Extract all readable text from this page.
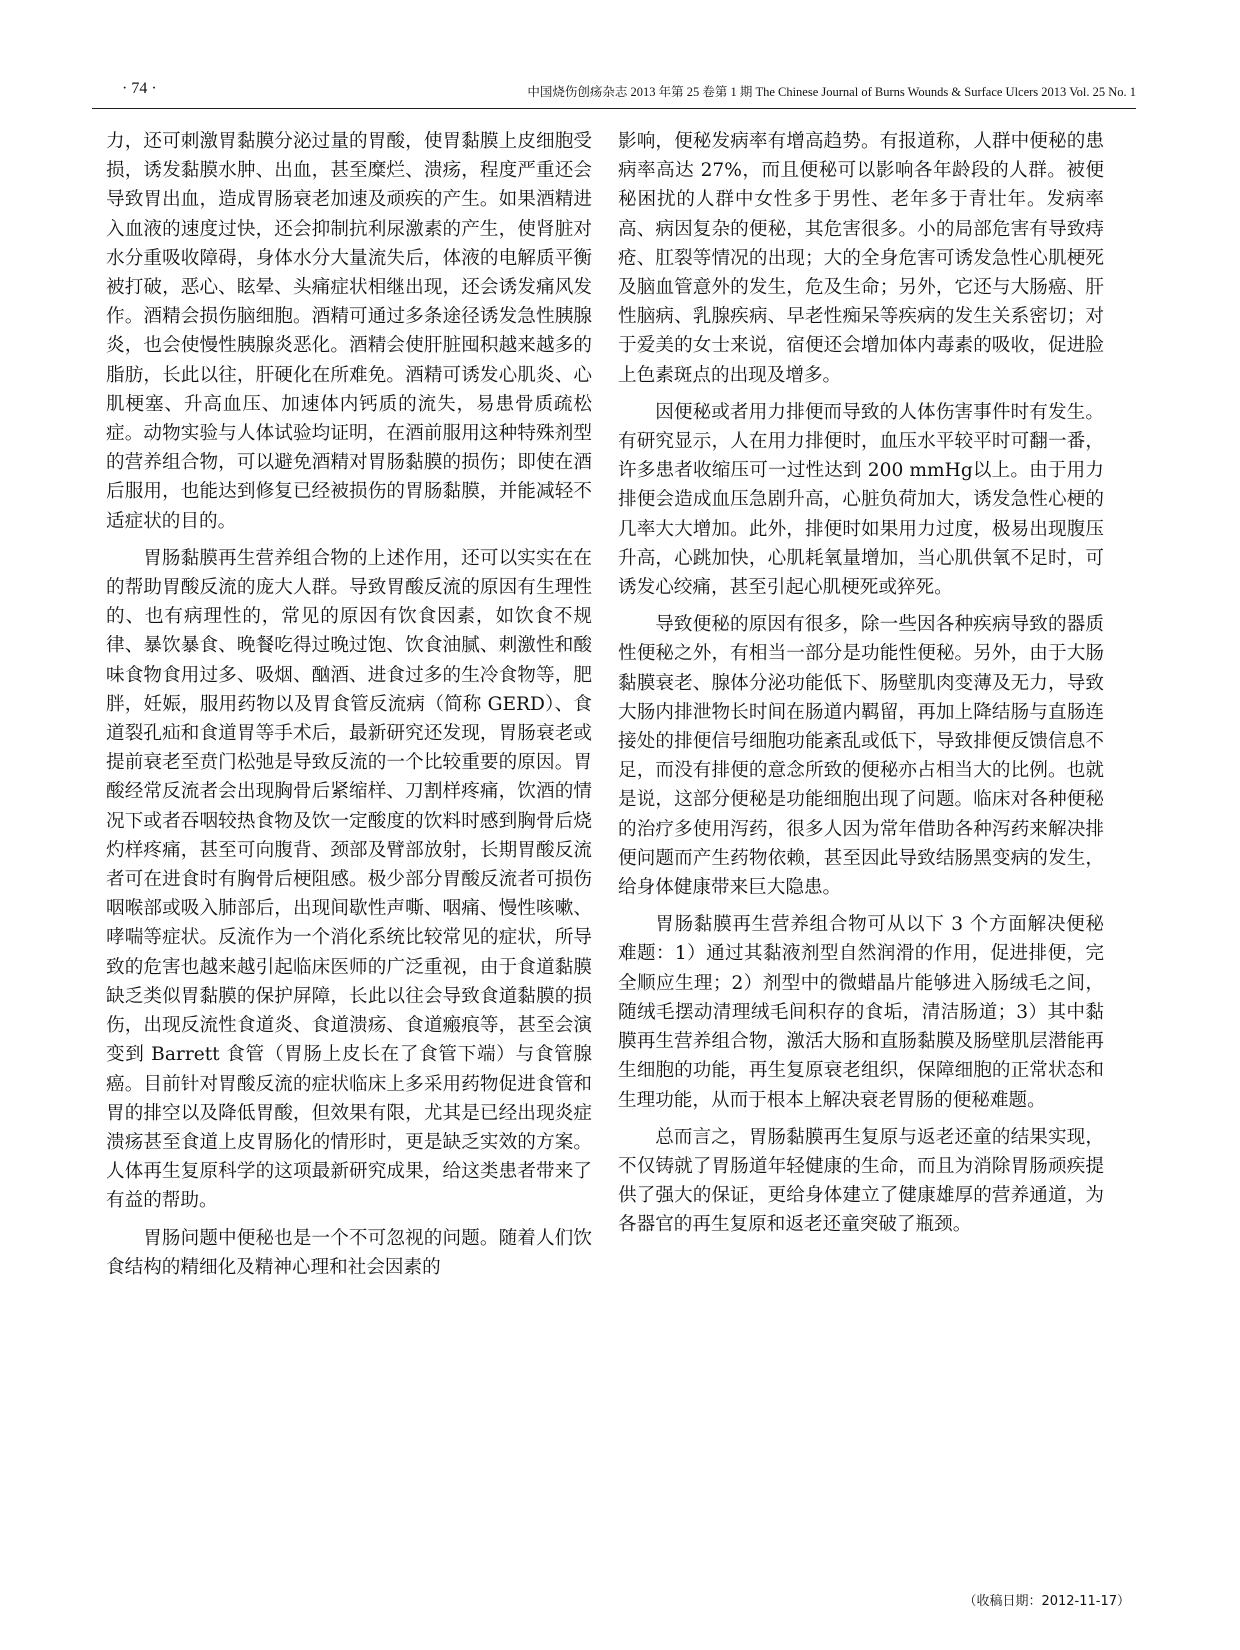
· 74 ·	中国烧伤创疡杂志 2013 年第 25 卷第 1 期 The Chinese Journal of Burns Wounds & Surface Ulcers 2013 Vol. 25 No. 1

力，还可刺激胃黏膜分泌过量的胃酸，使胃黏膜上皮细胞受损，诱发黏膜水肿、出血，甚至糜烂、溃疡，程度严重还会导致胃出血，造成胃肠衰老加速及顽疾的产生。如果酒精进入血液的速度过快，还会抑制抗利尿激素的产生，使肾脏对水分重吸收障碍，身体水分大量流失后，体液的电解质平衡被打破，恶心、眩晕、头痛症状相继出现，还会诱发痛风发作。酒精会损伤脑细胞。酒精可通过多条途径诱发急性胰腺炎，也会使慢性胰腺炎恶化。酒精会使肝脏囤积越来越多的脂肪，长此以往，肝硬化在所难免。酒精可诱发心肌炎、心肌梗塞、升高血压、加速体内钙质的流失，易患骨质疏松症。动物实验与人体试验均证明，在酒前服用这种特殊剂型的营养组合物，可以避免酒精对胃肠黏膜的损伤；即使在酒后服用，也能达到修复已经被损伤的胃肠黏膜，并能减轻不适症状的目的。

胃肠黏膜再生营养组合物的上述作用，还可以实实在在的帮助胃酸反流的庞大人群。导致胃酸反流的原因有生理性的、也有病理性的，常见的原因有饮食因素，如饮食不规律、暴饮暴食、晚餐吃得过晚过饱、饮食油腻、刺激性和酸味食物食用过多、吸烟、酗酒、进食过多的生冷食物等，肥胖，妊娠，服用药物以及胃食管反流病（简称 GERD）、食道裂孔疝和食道胃等手术后，最新研究还发现，胃肠衰老或提前衰老至贲门松弛是导致反流的一个比较重要的原因。胃酸经常反流者会出现胸骨后紧缩样、刀割样疼痛，饮酒的情况下或者吞咽较热食物及饮一定酸度的饮料时感到胸骨后烧灼样疼痛，甚至可向腹背、颈部及臂部放射，长期胃酸反流者可在进食时有胸骨后梗阻感。极少部分胃酸反流者可损伤咽喉部或吸入肺部后，出现间歇性声嘶、咽痛、慢性咳嗽、哮喘等症状。反流作为一个消化系统比较常见的症状，所导致的危害也越来越引起临床医师的广泛重视，由于食道黏膜缺乏类似胃黏膜的保护屏障，长此以往会导致食道黏膜的损伤，出现反流性食道炎、食道溃疡、食道瘢痕等，甚至会演变到 Barrett 食管（胃肠上皮长在了食管下端）与食管腺癌。目前针对胃酸反流的症状临床上多采用药物促进食管和胃的排空以及降低胃酸，但效果有限，尤其是已经出现炎症溃疡甚至食道上皮胃肠化的情形时，更是缺乏实效的方案。人体再生复原科学的这项最新研究成果，给这类患者带来了有益的帮助。

胃肠问题中便秘也是一个不可忽视的问题。随着人们饮食结构的精细化及精神心理和社会因素的

影响，便秘发病率有增高趋势。有报道称，人群中便秘的患病率高达 27%，而且便秘可以影响各年龄段的人群。被便秘困扰的人群中女性多于男性、老年多于青壮年。发病率高、病因复杂的便秘，其危害很多。小的局部危害有导致痔疮、肛裂等情况的出现；大的全身危害可诱发急性心肌梗死及脑血管意外的发生，危及生命；另外，它还与大肠癌、肝性脑病、乳腺疾病、早老性痴呆等疾病的发生关系密切；对于爱美的女士来说，宿便还会增加体内毒素的吸收，促进脸上色素斑点的出现及增多。

因便秘或者用力排便而导致的人体伤害事件时有发生。有研究显示，人在用力排便时，血压水平较平时可翻一番，许多患者收缩压可一过性达到 200 mmHg以上。由于用力排便会造成血压急剧升高，心脏负荷加大，诱发急性心梗的几率大大增加。此外，排便时如果用力过度，极易出现腹压升高，心跳加快，心肌耗氧量增加，当心肌供氧不足时，可诱发心绞痛，甚至引起心肌梗死或猝死。

导致便秘的原因有很多，除一些因各种疾病导致的器质性便秘之外，有相当一部分是功能性便秘。另外，由于大肠黏膜衰老、腺体分泌功能低下、肠壁肌肉变薄及无力，导致大肠内排泄物长时间在肠道内羁留，再加上降结肠与直肠连接处的排便信号细胞功能紊乱或低下，导致排便反馈信息不足，而没有排便的意念所致的便秘亦占相当大的比例。也就是说，这部分便秘是功能细胞出现了问题。临床对各种便秘的治疗多使用泻药，很多人因为常年借助各种泻药来解决排便问题而产生药物依赖，甚至因此导致结肠黑变病的发生，给身体健康带来巨大隐患。

胃肠黏膜再生营养组合物可从以下 3 个方面解决便秘难题：1）通过其黏液剂型自然润滑的作用，促进排便，完全顺应生理；2）剂型中的微蜡晶片能够进入肠绒毛之间，随绒毛摆动清理绒毛间积存的食垢，清洁肠道；3）其中黏膜再生营养组合物，激活大肠和直肠黏膜及肠壁肌层潜能再生细胞的功能，再生复原衰老组织，保障细胞的正常状态和生理功能，从而于根本上解决衰老胃肠的便秘难题。

总而言之，胃肠黏膜再生复原与返老还童的结果实现，不仅铸就了胃肠道年轻健康的生命，而且为消除胃肠顽疾提供了强大的保证，更给身体建立了健康雄厚的营养通道，为各器官的再生复原和返老还童突破了瓶颈。

（收稿日期：2012-11-17）
